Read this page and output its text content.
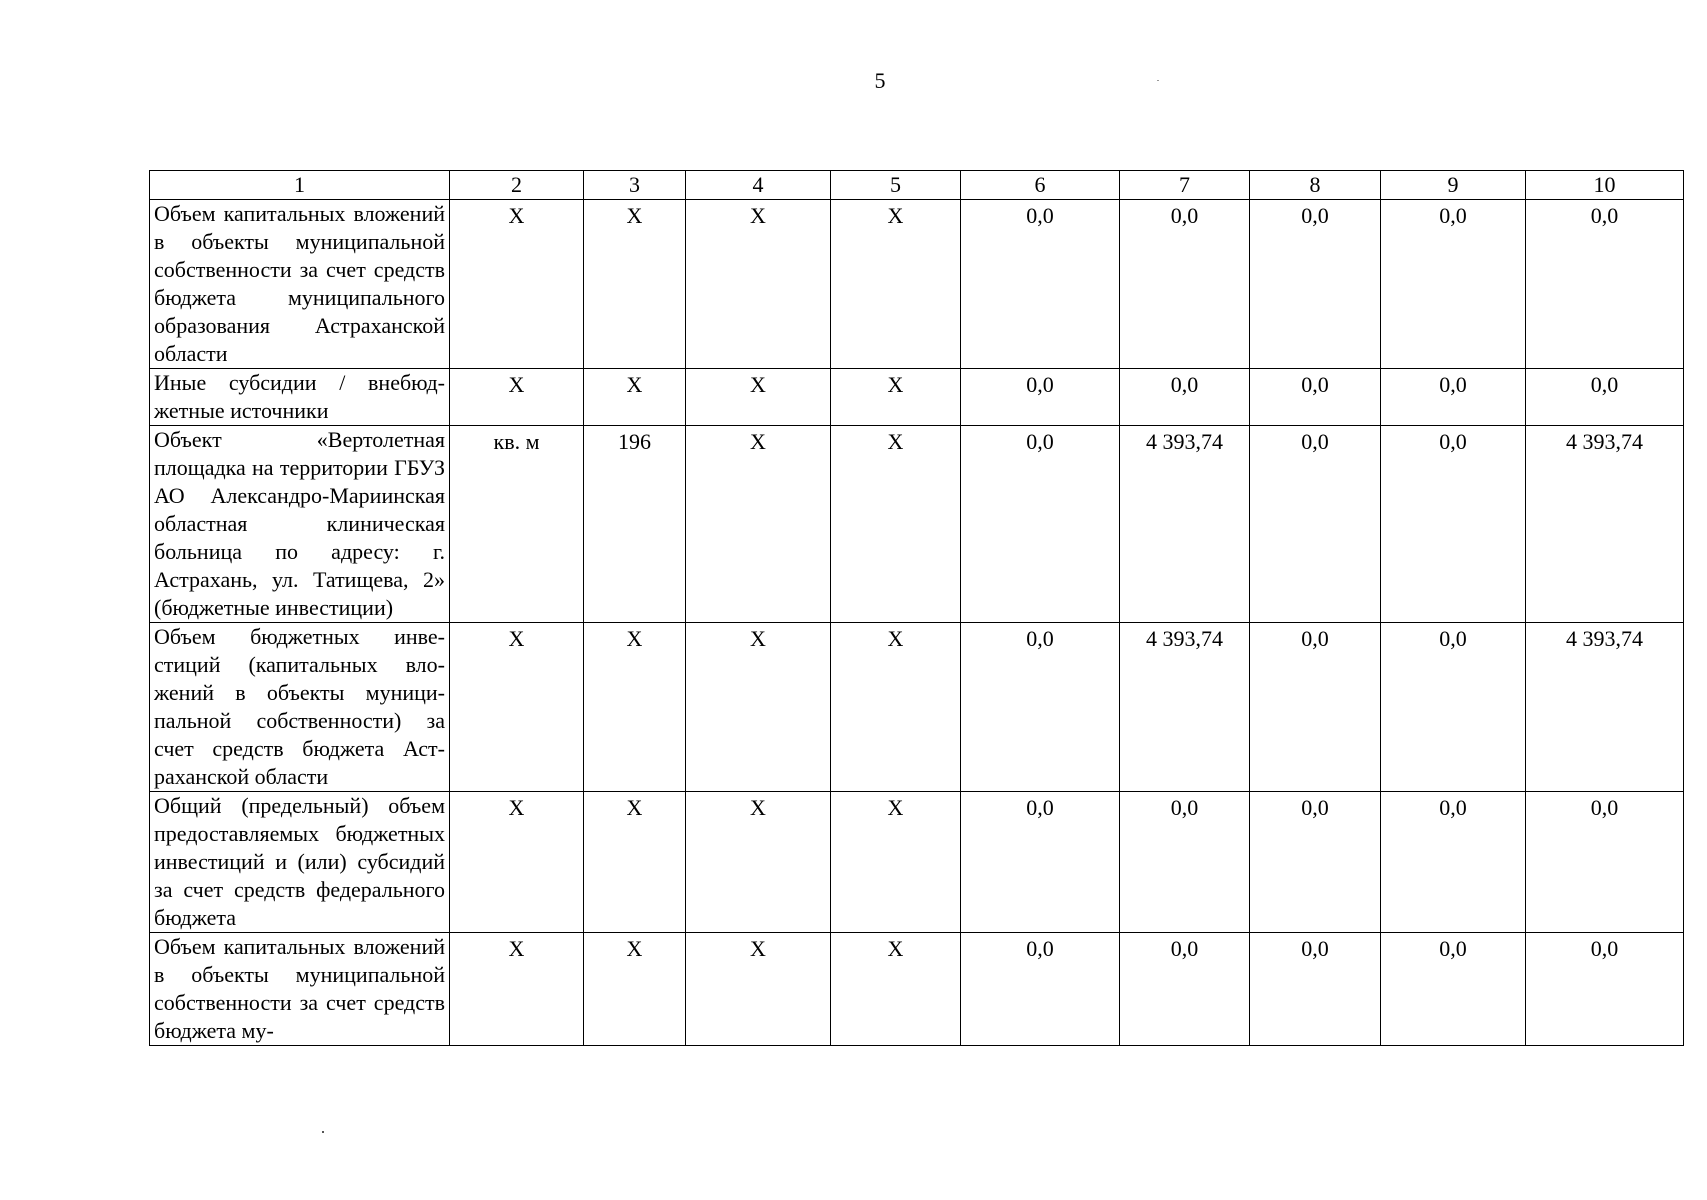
5
1	2	3	4	5	6	7	8	9	10
Объем капитальных вложений в объекты муниципальной собственности за счет средств бюджета муниципального образования Астраханской области	X	X	X	X	0,0	0,0	0,0	0,0	0,0
Иные субсидии / внебюджетные источники	X	X	X	X	0,0	0,0	0,0	0,0	0,0
Объект «Вертолетная площадка на территории ГБУЗ АО Александро-Мариинская областная клиническая больница по адресу: г. Астрахань, ул. Татищева, 2» (бюджетные инвестиции)	кв. м	196	X	X	0,0	4 393,74	0,0	0,0	4 393,74
Объем бюджетных инвестиций (капитальных вложений в объекты муниципальной собственности) за счет средств бюджета Астраханской области	X	X	X	X	0,0	4 393,74	0,0	0,0	4 393,74
Общий (предельный) объем предоставляемых бюджетных инвестиций и (или) субсидий за счет средств федерального бюджета	X	X	X	X	0,0	0,0	0,0	0,0	0,0
Объем капитальных вложений в объекты муниципальной собственности за счет средств бюджета му-	X	X	X	X	0,0	0,0	0,0	0,0	0,0
